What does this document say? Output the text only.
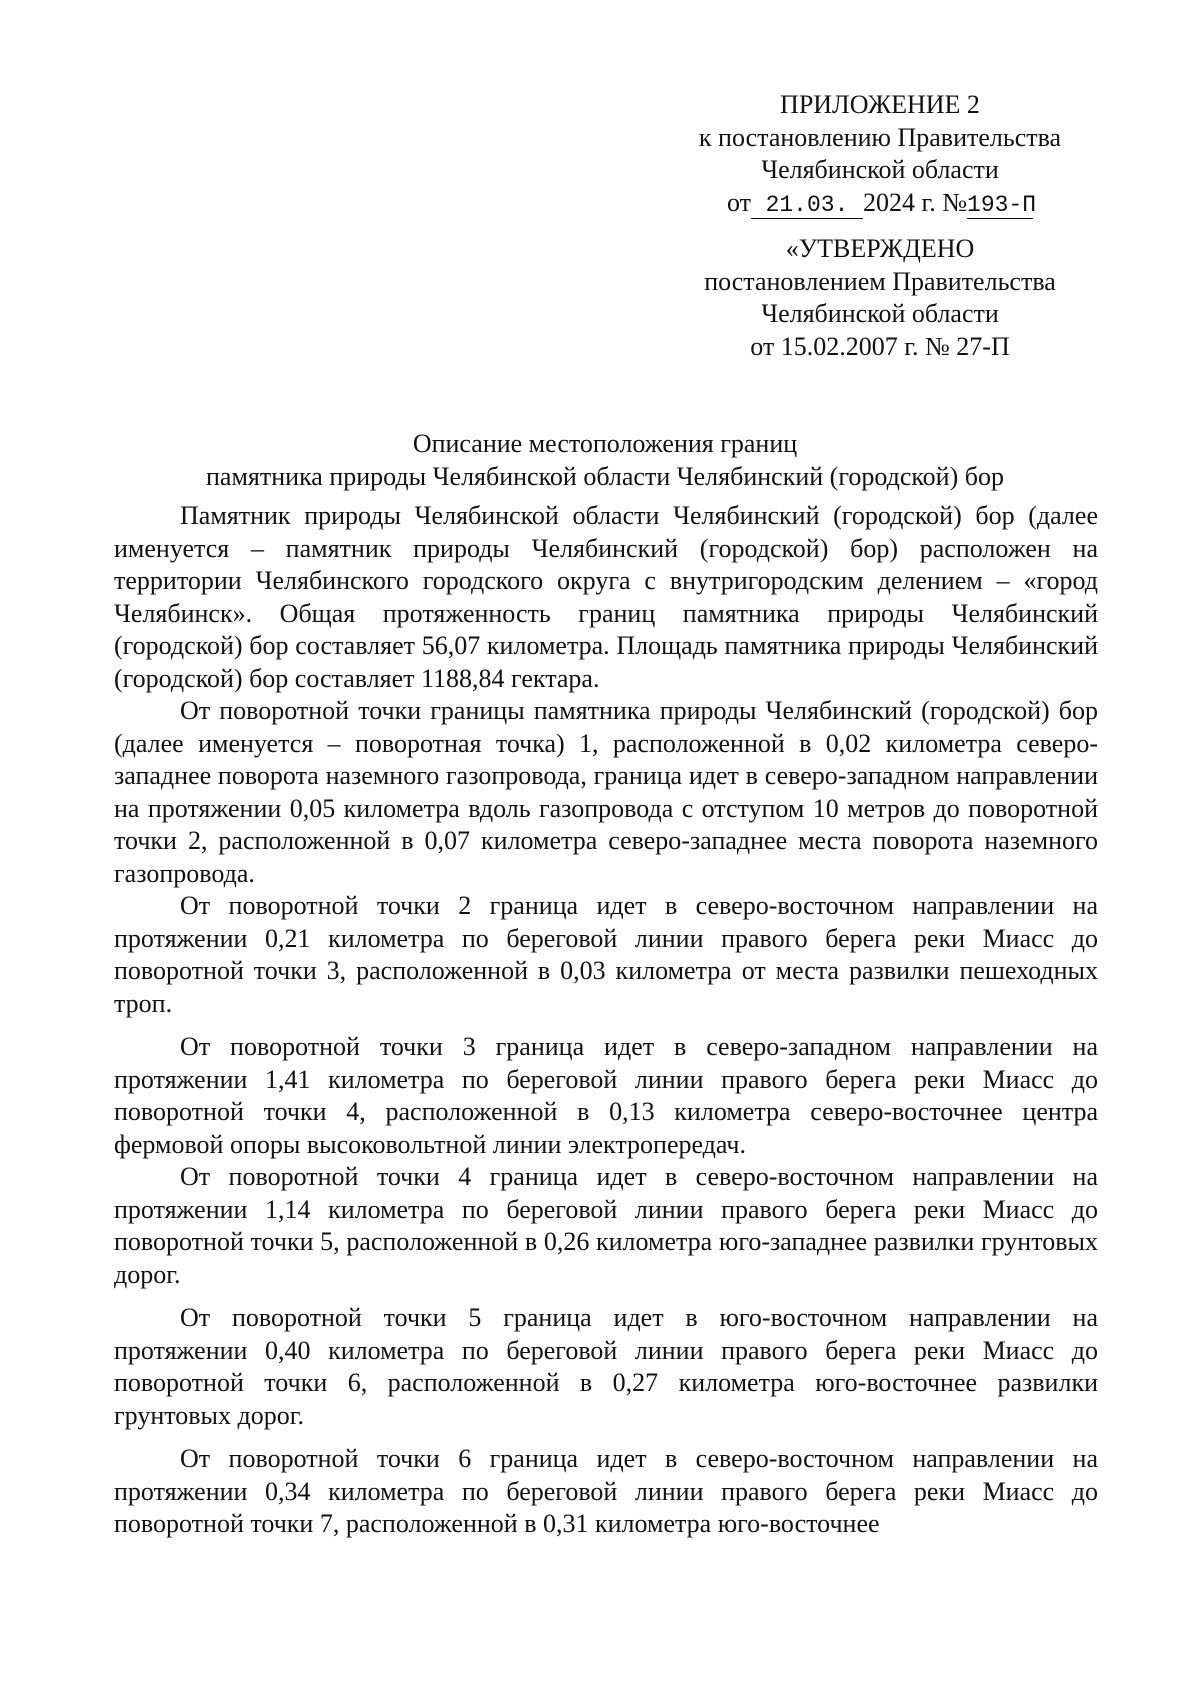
ПРИЛОЖЕНИЕ 2
к постановлению Правительства
Челябинской области
от 21.03. 2024 г. №193-П
«УТВЕРЖДЕНО
постановлением Правительства
Челябинской области
от 15.02.2007 г. № 27-П
Описание местоположения границ
памятника природы Челябинской области Челябинский (городской) бор

Памятник природы Челябинской области Челябинский (городской) бор (далее именуется – памятник природы Челябинский (городской) бор) расположен на территории Челябинского городского округа с внутригородским делением – «город Челябинск». Общая протяженность границ памятника природы Челябинский (городской) бор составляет 56,07 километра. Площадь памятника природы Челябинский (городской) бор составляет 1188,84 гектара.

От поворотной точки границы памятника природы Челябинский (городской) бор (далее именуется – поворотная точка) 1, расположенной в 0,02 километра северо-западнее поворота наземного газопровода, граница идет в северо-западном направлении на протяжении 0,05 километра вдоль газопровода с отступом 10 метров до поворотной точки 2, расположенной в 0,07 километра северо-западнее места поворота наземного газопровода.

От поворотной точки 2 граница идет в северо-восточном направлении на протяжении 0,21 километра по береговой линии правого берега реки Миасс до поворотной точки 3, расположенной в 0,03 километра от места развилки пешеходных троп.

От поворотной точки 3 граница идет в северо-западном направлении на протяжении 1,41 километра по береговой линии правого берега реки Миасс до поворотной точки 4, расположенной в 0,13 километра северо-восточнее центра фермовой опоры высоковольтной линии электропередач.

От поворотной точки 4 граница идет в северо-восточном направлении на протяжении 1,14 километра по береговой линии правого берега реки Миасс до поворотной точки 5, расположенной в 0,26 километра юго-западнее развилки грунтовых дорог.

От поворотной точки 5 граница идет в юго-восточном направлении на протяжении 0,40 километра по береговой линии правого берега реки Миасс до поворотной точки 6, расположенной в 0,27 километра юго-восточнее развилки грунтовых дорог.

От поворотной точки 6 граница идет в северо-восточном направлении на протяжении 0,34 километра по береговой линии правого берега реки Миасс до поворотной точки 7, расположенной в 0,31 километра юго-восточнее
